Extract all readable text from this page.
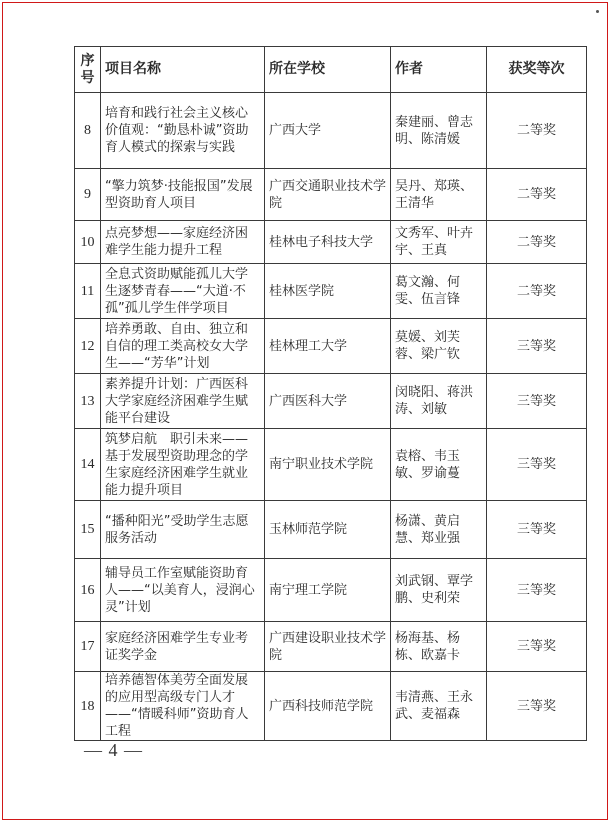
序号	项目名称	所在学校	作者	获奖等次
8	培育和践行社会主义核心价值观：“勤恳朴诚”资助育人模式的探索与实践	广西大学	秦建丽、曾志明、陈清媛	二等奖
9	“擎力筑梦·技能报国”发展型资助育人项目	广西交通职业技术学院	吴丹、郑瑛、王清华	二等奖
10	点亮梦想——家庭经济困难学生能力提升工程	桂林电子科技大学	文秀军、叶卉宇、王真	二等奖
11	全息式资助赋能孤儿大学生逐梦青春——“大道·不孤”孤儿学生伴学项目	桂林医学院	葛文瀚、何雯、伍言锋	二等奖
12	培养勇敢、自由、独立和自信的理工类高校女大学生——“芳华”计划	桂林理工大学	莫媛、刘芙蓉、梁广钦	三等奖
13	素养提升计划：广西医科大学家庭经济困难学生赋能平台建设	广西医科大学	闵晓阳、蒋洪涛、刘敏	三等奖
14	筑梦启航　职引未来——基于发展型资助理念的学生家庭经济困难学生就业能力提升项目	南宁职业技术学院	袁榕、韦玉敏、罗谕蔓	三等奖
15	“播种阳光”受助学生志愿服务活动	玉林师范学院	杨潇、黄启慧、郑业强	三等奖
16	辅导员工作室赋能资助育人——“以美育人，浸润心灵”计划	南宁理工学院	刘武钢、覃学鹏、史利荣	三等奖
17	家庭经济困难学生专业考证奖学金	广西建设职业技术学院	杨海基、杨栋、欧嘉卡	三等奖
18	培养德智体美劳全面发展的应用型高级专门人才——“情暖科师”资助育人工程	广西科技师范学院	韦清燕、王永武、麦福森	三等奖
— 4 —
